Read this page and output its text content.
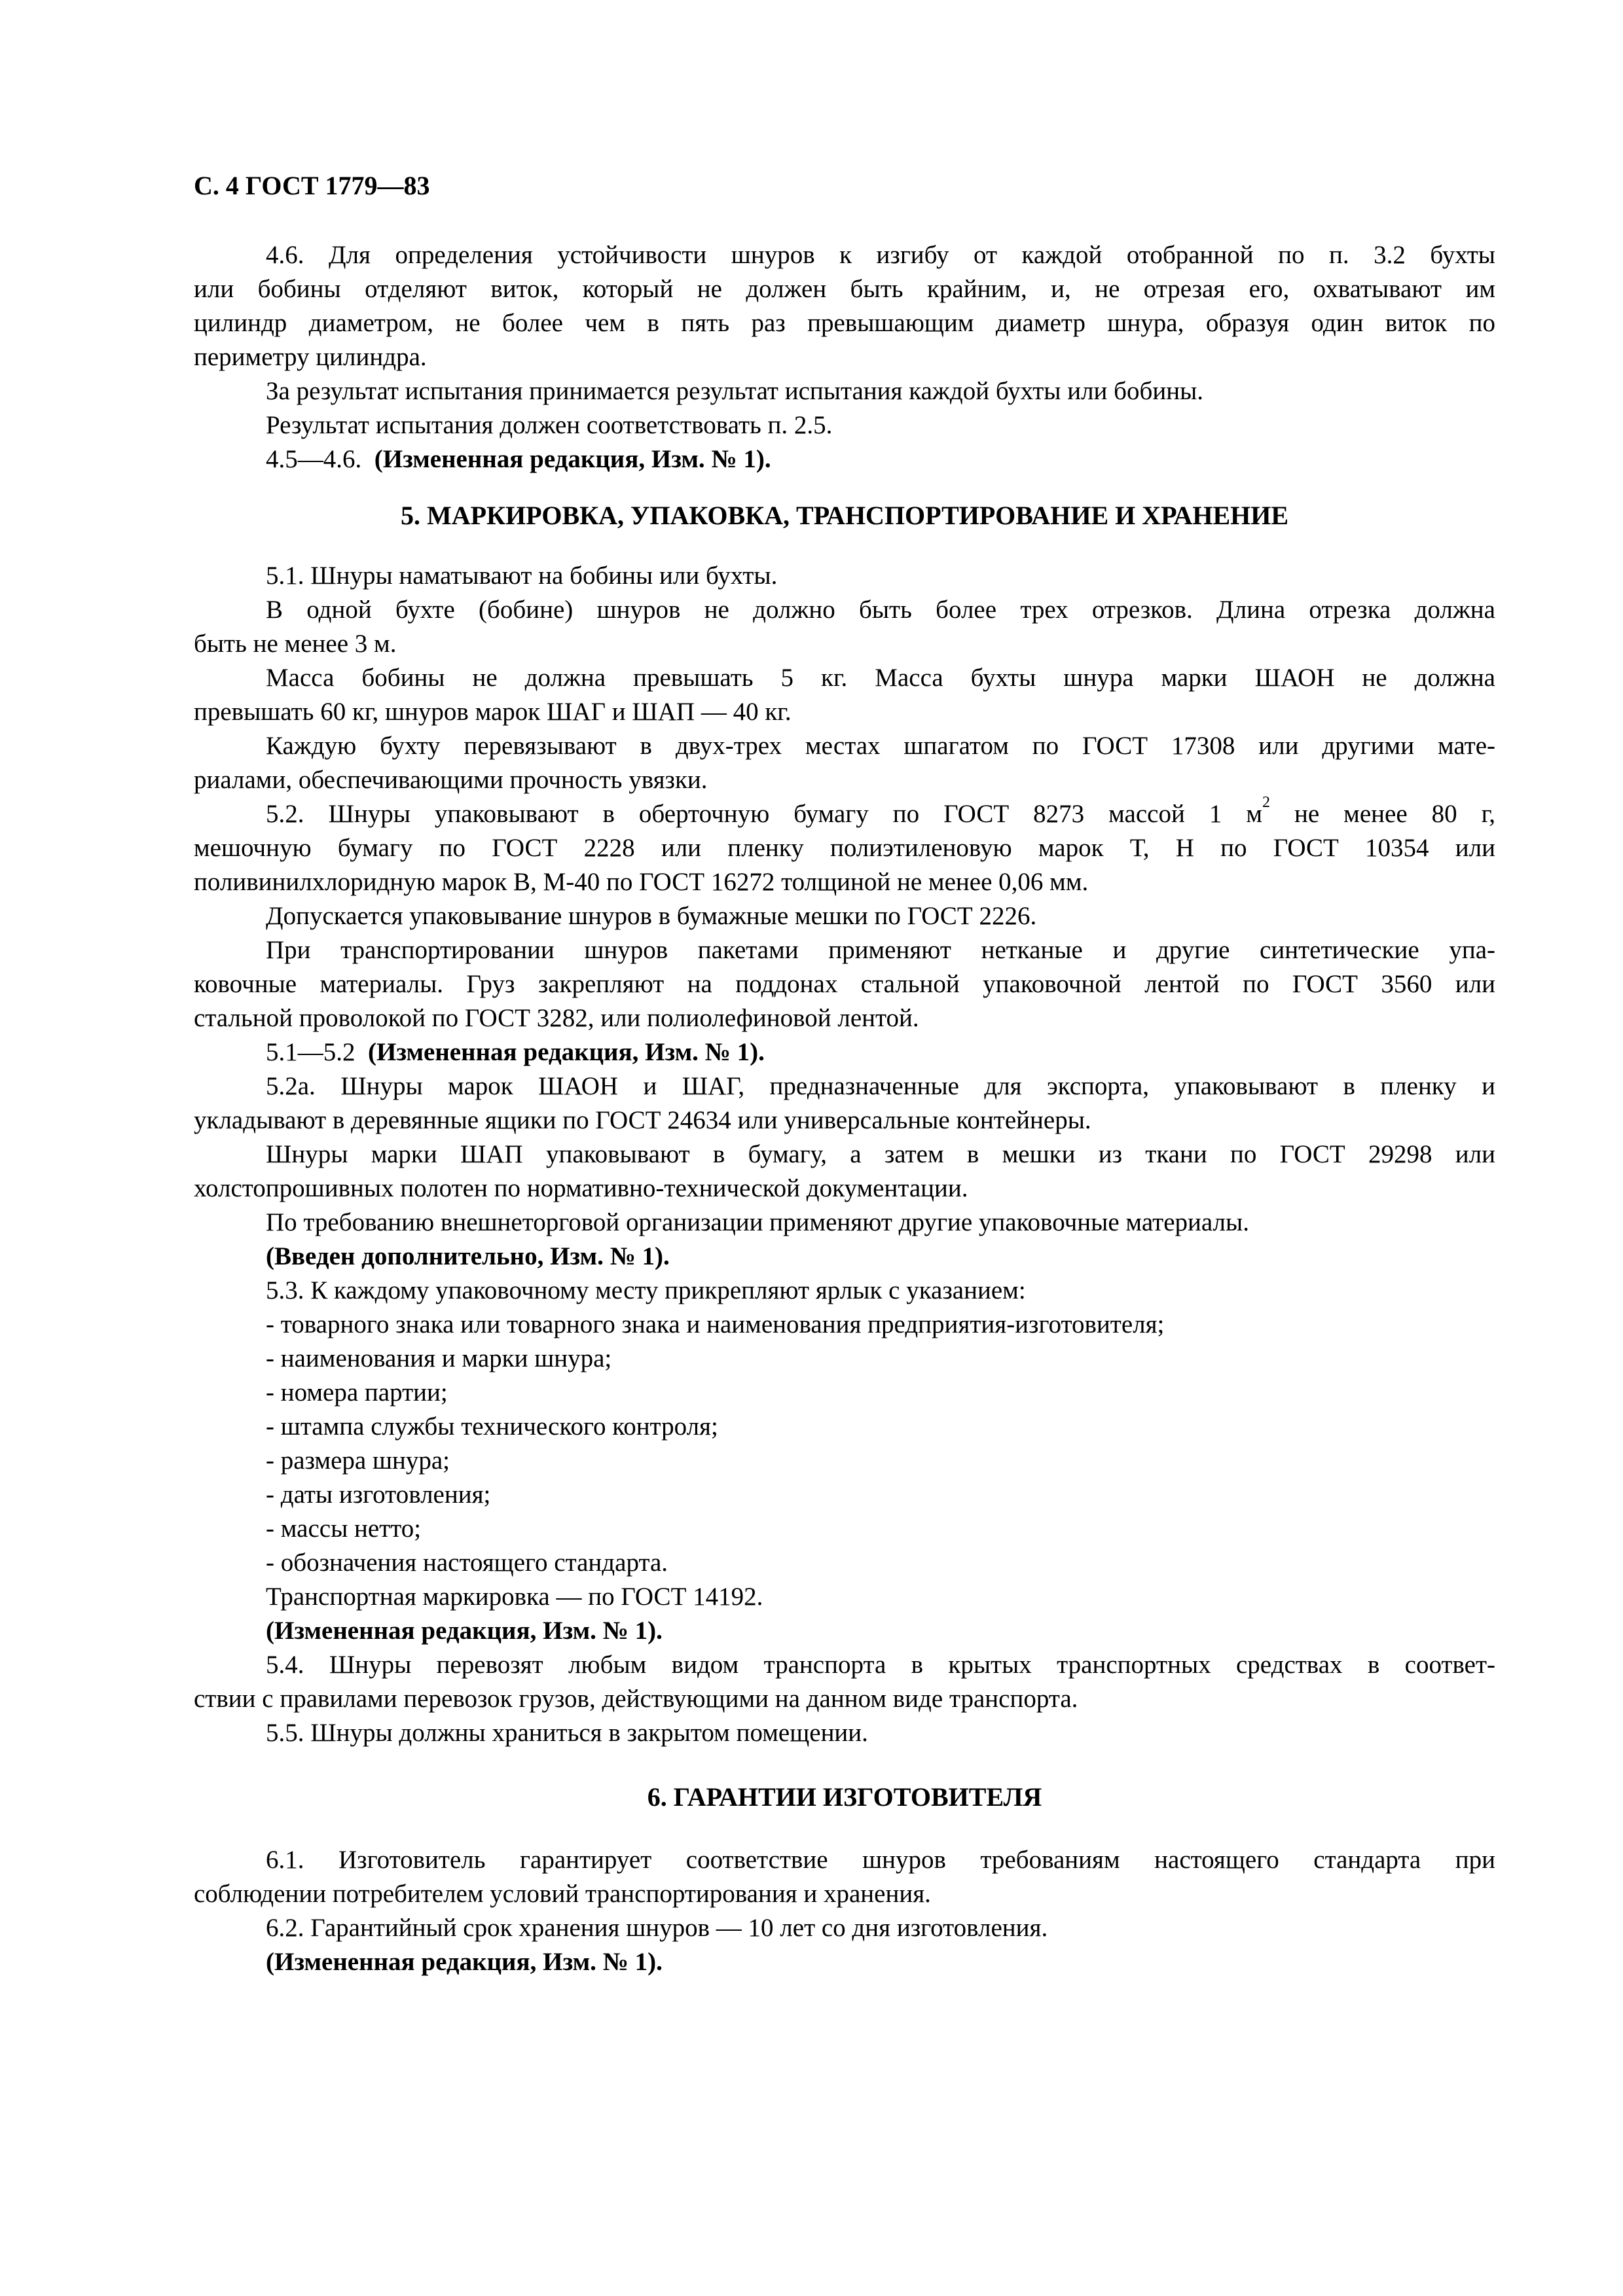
С. 4 ГОСТ 1779—83

4.6. Для определения устойчивости шнуров к изгибу от каждой отобранной по п. 3.2 бухты

или бобины отделяют виток, который не должен быть крайним, и, не отрезая его, охватывают им

цилиндр диаметром, не более чем в пять раз превышающим диаметр шнура, образуя один виток по

периметру цилиндра.

За результат испытания принимается результат испытания каждой бухты или бобины.

Результат испытания должен соответствовать п. 2.5.

4.5—4.6. (Измененная редакция, Изм. № 1).

5. МАРКИРОВКА, УПАКОВКА, ТРАНСПОРТИРОВАНИЕ И ХРАНЕНИЕ

5.1. Шнуры наматывают на бобины или бухты.

В одной бухте (бобине) шнуров не должно быть более трех отрезков. Длина отрезка должна

быть не менее 3 м.

Масса бобины не должна превышать 5 кг. Масса бухты шнура марки ШАОН не должна

превышать 60 кг, шнуров марок ШАГ и ШАП — 40 кг.

Каждую бухту перевязывают в двух-трех местах шпагатом по ГОСТ 17308 или другими мате-

риалами, обеспечивающими прочность увязки.

5.2. Шнуры упаковывают в оберточную бумагу по ГОСТ 8273 массой 1 $м^2$ не менее 80 г,

мешочную бумагу по ГОСТ 2228 или пленку полиэтиленовую марок Т, Н по ГОСТ 10354 или

поливинилхлоридную марок В, М-40 по ГОСТ 16272 толщиной не менее 0,06 мм.

Допускается упаковывание шнуров в бумажные мешки по ГОСТ 2226.

При транспортировании шнуров пакетами применяют нетканые и другие синтетические упа-

ковочные материалы. Груз закрепляют на поддонах стальной упаковочной лентой по ГОСТ 3560 или

стальной проволокой по ГОСТ 3282, или полиолефиновой лентой.

5.1—5.2 (Измененная редакция, Изм. № 1).

5.2а. Шнуры марок ШАОН и ШАГ, предназначенные для экспорта, упаковывают в пленку и

укладывают в деревянные ящики по ГОСТ 24634 или универсальные контейнеры.

Шнуры марки ШАП упаковывают в бумагу, а затем в мешки из ткани по ГОСТ 29298 или

холстопрошивных полотен по нормативно-технической документации.

По требованию внешнеторговой организации применяют другие упаковочные материалы.

(Введен дополнительно, Изм. № 1).

5.3. К каждому упаковочному месту прикрепляют ярлык с указанием:

- товарного знака или товарного знака и наименования предприятия-изготовителя;

- наименования и марки шнура;

- номера партии;

- штампа службы технического контроля;

- размера шнура;

- даты изготовления;

- массы нетто;

- обозначения настоящего стандарта.

Транспортная маркировка — по ГОСТ 14192.

(Измененная редакция, Изм. № 1).

5.4. Шнуры перевозят любым видом транспорта в крытых транспортных средствах в соответ-

ствии с правилами перевозок грузов, действующими на данном виде транспорта.

5.5. Шнуры должны храниться в закрытом помещении.

6. ГАРАНТИИ ИЗГОТОВИТЕЛЯ

6.1. Изготовитель гарантирует соответствие шнуров требованиям настоящего стандарта при

соблюдении потребителем условий транспортирования и хранения.

6.2. Гарантийный срок хранения шнуров — 10 лет со дня изготовления.

(Измененная редакция, Изм. № 1).
